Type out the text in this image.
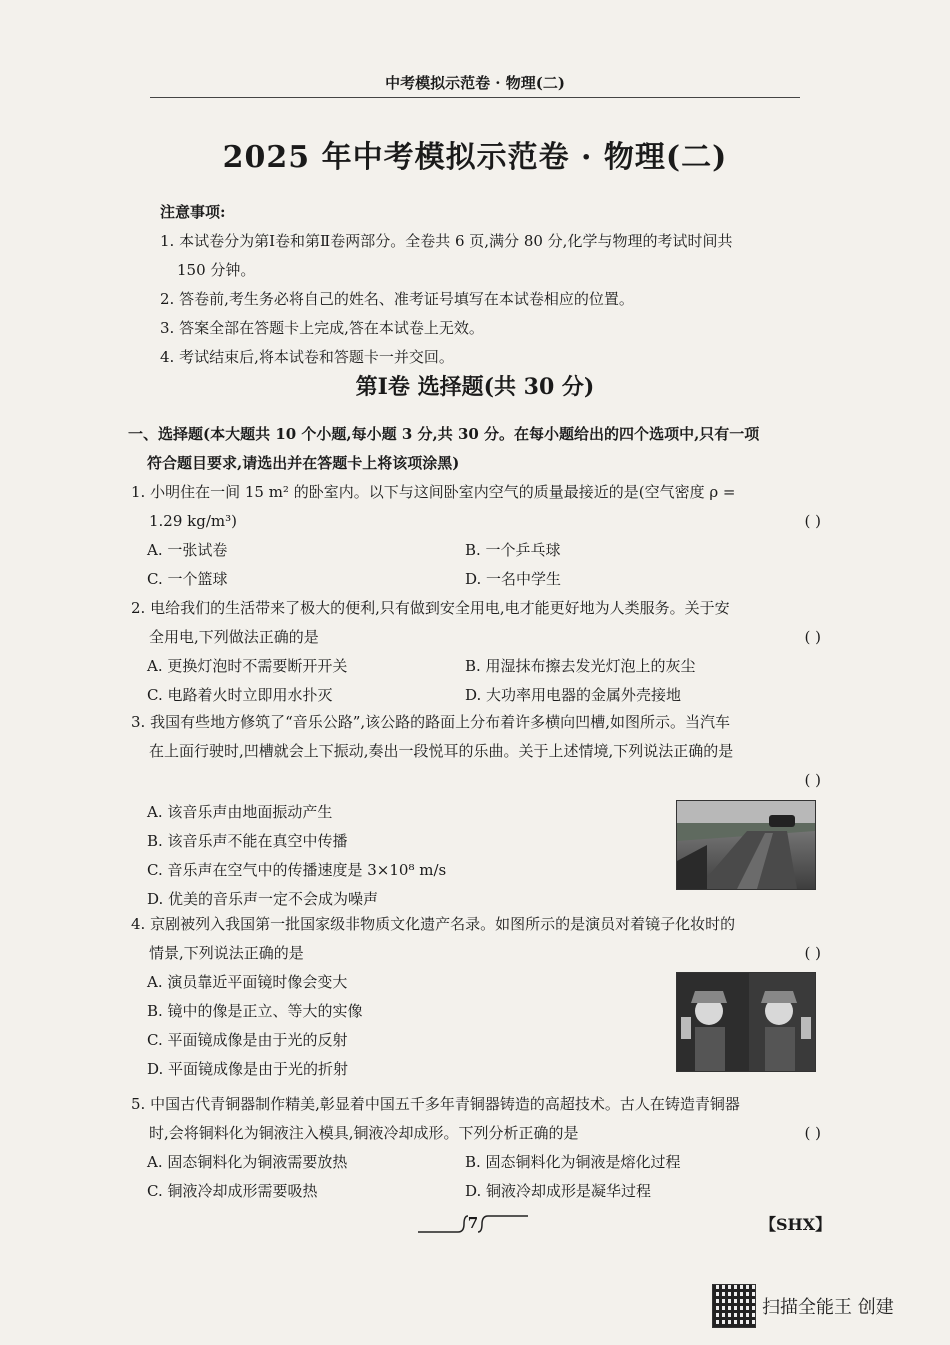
中考模拟示范卷 · 物理(二)
2025 年中考模拟示范卷 · 物理(二)
注意事项:
1. 本试卷分为第Ⅰ卷和第Ⅱ卷两部分。全卷共 6 页,满分 80 分,化学与物理的考试时间共
150 分钟。
2. 答卷前,考生务必将自己的姓名、准考证号填写在本试卷相应的位置。
3. 答案全部在答题卡上完成,答在本试卷上无效。
4. 考试结束后,将本试卷和答题卡一并交回。
第Ⅰ卷 选择题(共 30 分)
一、选择题(本大题共 10 个小题,每小题 3 分,共 30 分。在每小题给出的四个选项中,只有一项
符合题目要求,请选出并在答题卡上将该项涂黑)
1. 小明住在一间 15 m² 的卧室内。以下与这间卧室内空气的质量最接近的是(空气密度 ρ =
1.29 kg/m³)	( )
A. 一张试卷	B. 一个乒乓球
C. 一个篮球	D. 一名中学生
2. 电给我们的生活带来了极大的便利,只有做到安全用电,电才能更好地为人类服务。关于安
全用电,下列做法正确的是	( )
A. 更换灯泡时不需要断开开关	B. 用湿抹布擦去发光灯泡上的灰尘
C. 电路着火时立即用水扑灭	D. 大功率用电器的金属外壳接地
3. 我国有些地方修筑了“音乐公路”,该公路的路面上分布着许多横向凹槽,如图所示。当汽车
在上面行驶时,凹槽就会上下振动,奏出一段悦耳的乐曲。关于上述情境,下列说法正确的是
( )
A. 该音乐声由地面振动产生
B. 该音乐声不能在真空中传播
C. 音乐声在空气中的传播速度是 3×10⁸ m/s
D. 优美的音乐声一定不会成为噪声
4. 京剧被列入我国第一批国家级非物质文化遗产名录。如图所示的是演员对着镜子化妆时的
情景,下列说法正确的是	( )
A. 演员靠近平面镜时像会变大
B. 镜中的像是正立、等大的实像
C. 平面镜成像是由于光的反射
D. 平面镜成像是由于光的折射
5. 中国古代青铜器制作精美,彰显着中国五千多年青铜器铸造的高超技术。古人在铸造青铜器
时,会将铜料化为铜液注入模具,铜液冷却成形。下列分析正确的是	( )
A. 固态铜料化为铜液需要放热	B. 固态铜料化为铜液是熔化过程
C. 铜液冷却成形需要吸热	D. 铜液冷却成形是凝华过程
7	【SHX】
扫描全能王 创建
